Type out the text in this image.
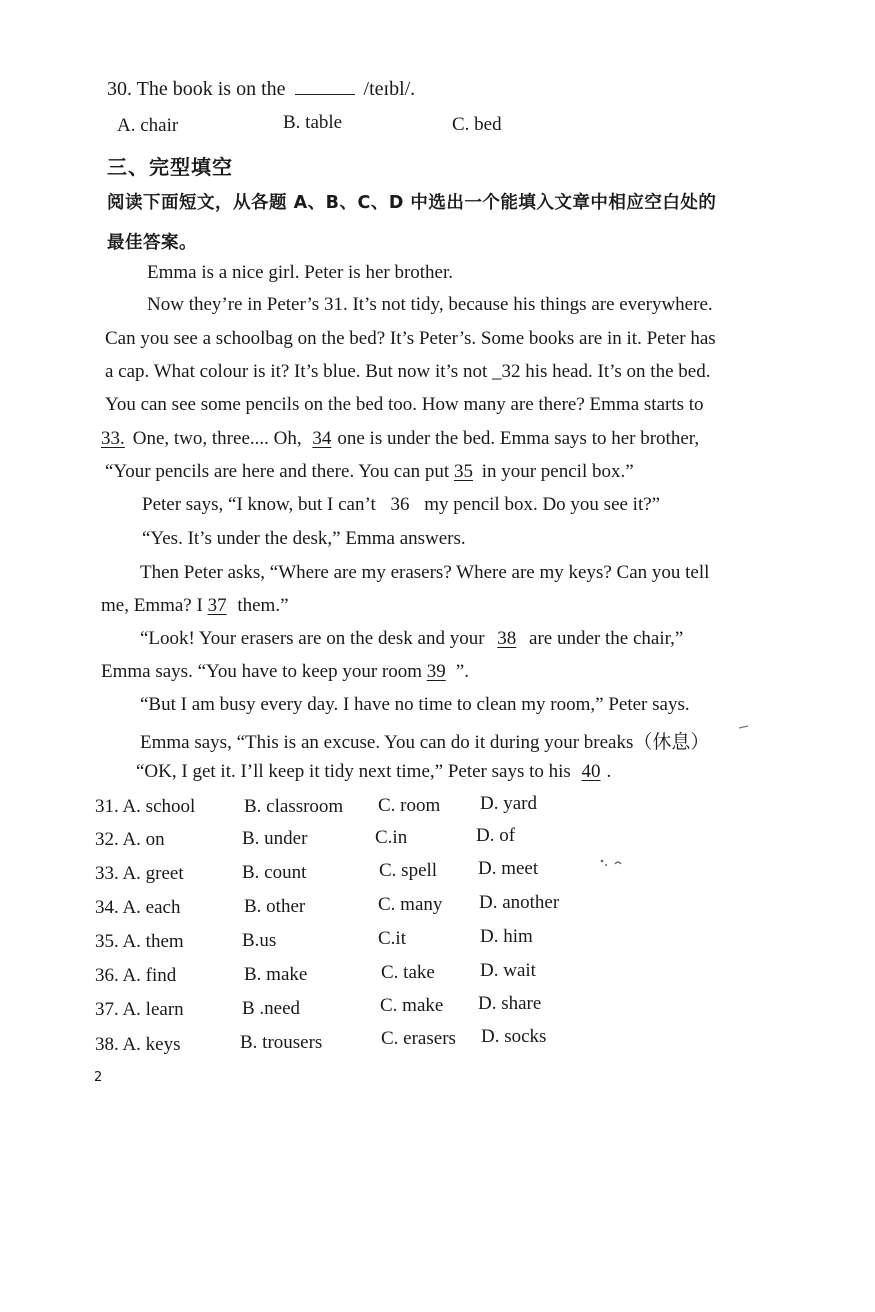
30. The book is on the	/teɪbl/.
A. chair	B. table	C. bed
三、完型填空
阅读下面短文，从各题 A、B、C、D 中选出一个能填入文章中相应空白处的
最佳答案。
Emma is a nice girl. Peter is her brother.
Now they’re in Peter’s 31. It’s not tidy, because his things are everywhere.
Can you see a schoolbag on the bed? It’s Peter’s. Some books are in it. Peter has
a cap. What colour is it? It’s blue. But now it’s not _32 his head. It’s on the bed.
You can see some pencils on the bed too. How many are there? Emma starts to
33. One, two, three.... Oh, 34 one is under the bed. Emma says to her brother,
“Your pencils are here and there. You can put 35 in your pencil box.”
Peter says, “I know, but I can’t 36 my pencil box. Do you see it?”
“Yes. It’s under the desk,” Emma answers.
Then Peter asks, “Where are my erasers? Where are my keys? Can you tell
me, Emma? I 37 them.”
“Look! Your erasers are on the desk and your 38 are under the chair,”
Emma says. “You have to keep your room 39 ”.
“But I am busy every day. I have no time to clean my room,” Peter says.
Emma says, “This is an excuse. You can do it during your breaks（休息）
“OK, I get it. I’ll keep it tidy next time,” Peter says to his 40 .
31. A. school	B. classroom C. room D. yard
32. A. on	B. under	C.in	D. of
33. A. greet	B. count	C. spell D. meet
34. A. each	B. other	C. many D. another
35. A. them	B.us	C.it	D. him
36. A. find	B. make	C. take D. wait
37. A. learn	B .need	C. make D. share
38. A. keys	B. trousers	C. erasers D. socks
2
